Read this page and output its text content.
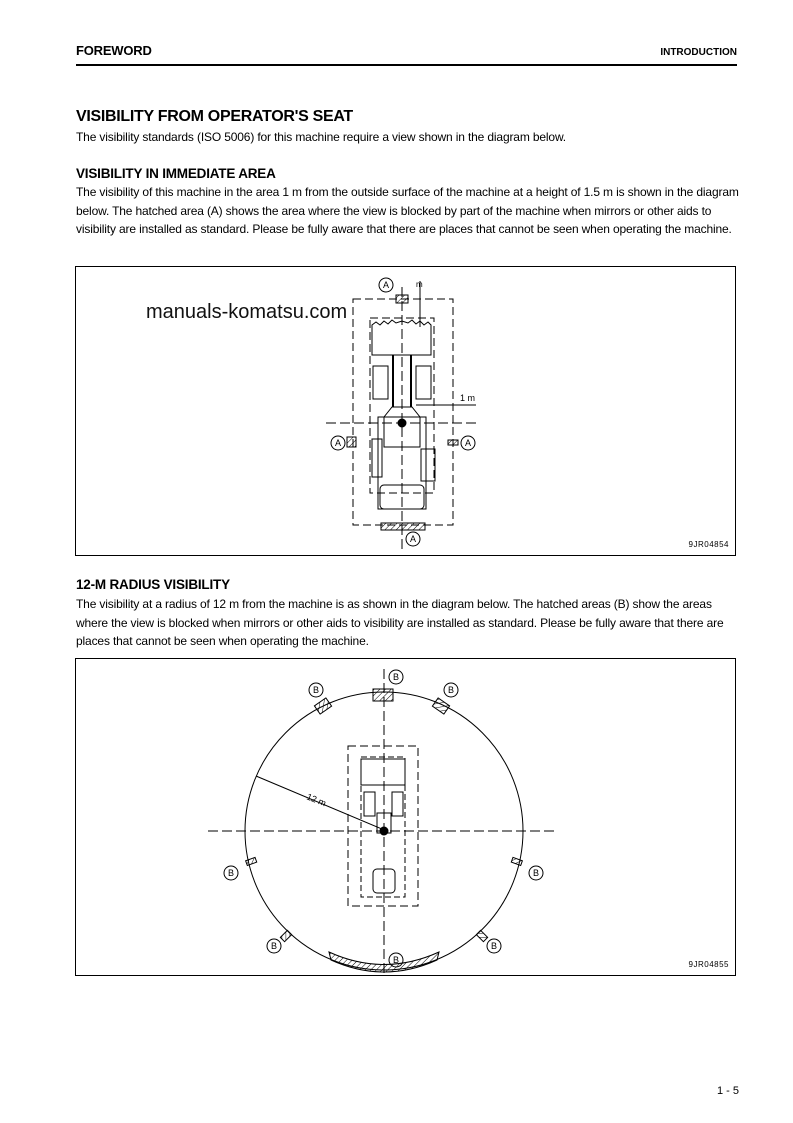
FOREWORD	INTRODUCTION
VISIBILITY FROM OPERATOR'S SEAT
The visibility standards (ISO 5006) for this machine require a view shown in the diagram below.
VISIBILITY IN IMMEDIATE AREA
The visibility of this machine in the area 1 m from the outside surface of the machine at a height of 1.5 m is shown in the diagram below. The hatched area (A) shows the area where the view is blocked by part of the machine when mirrors or other aids to visibility are installed as standard. Please be fully aware that there are places that cannot be seen when operating the machine.
1 m
m
A
A	A
A
9JR04854
manuals-komatsu.com
12-M RADIUS VISIBILITY
The visibility at a radius of 12 m from the machine is as shown in the diagram below. The hatched areas (B) show the areas where the view is blocked when mirrors or other aids to visibility are installed as standard. Please be fully aware that there are places that cannot be seen when operating the machine.
12 m
B
B	B
B	B
B	B
B	9JR04855
1 - 5
